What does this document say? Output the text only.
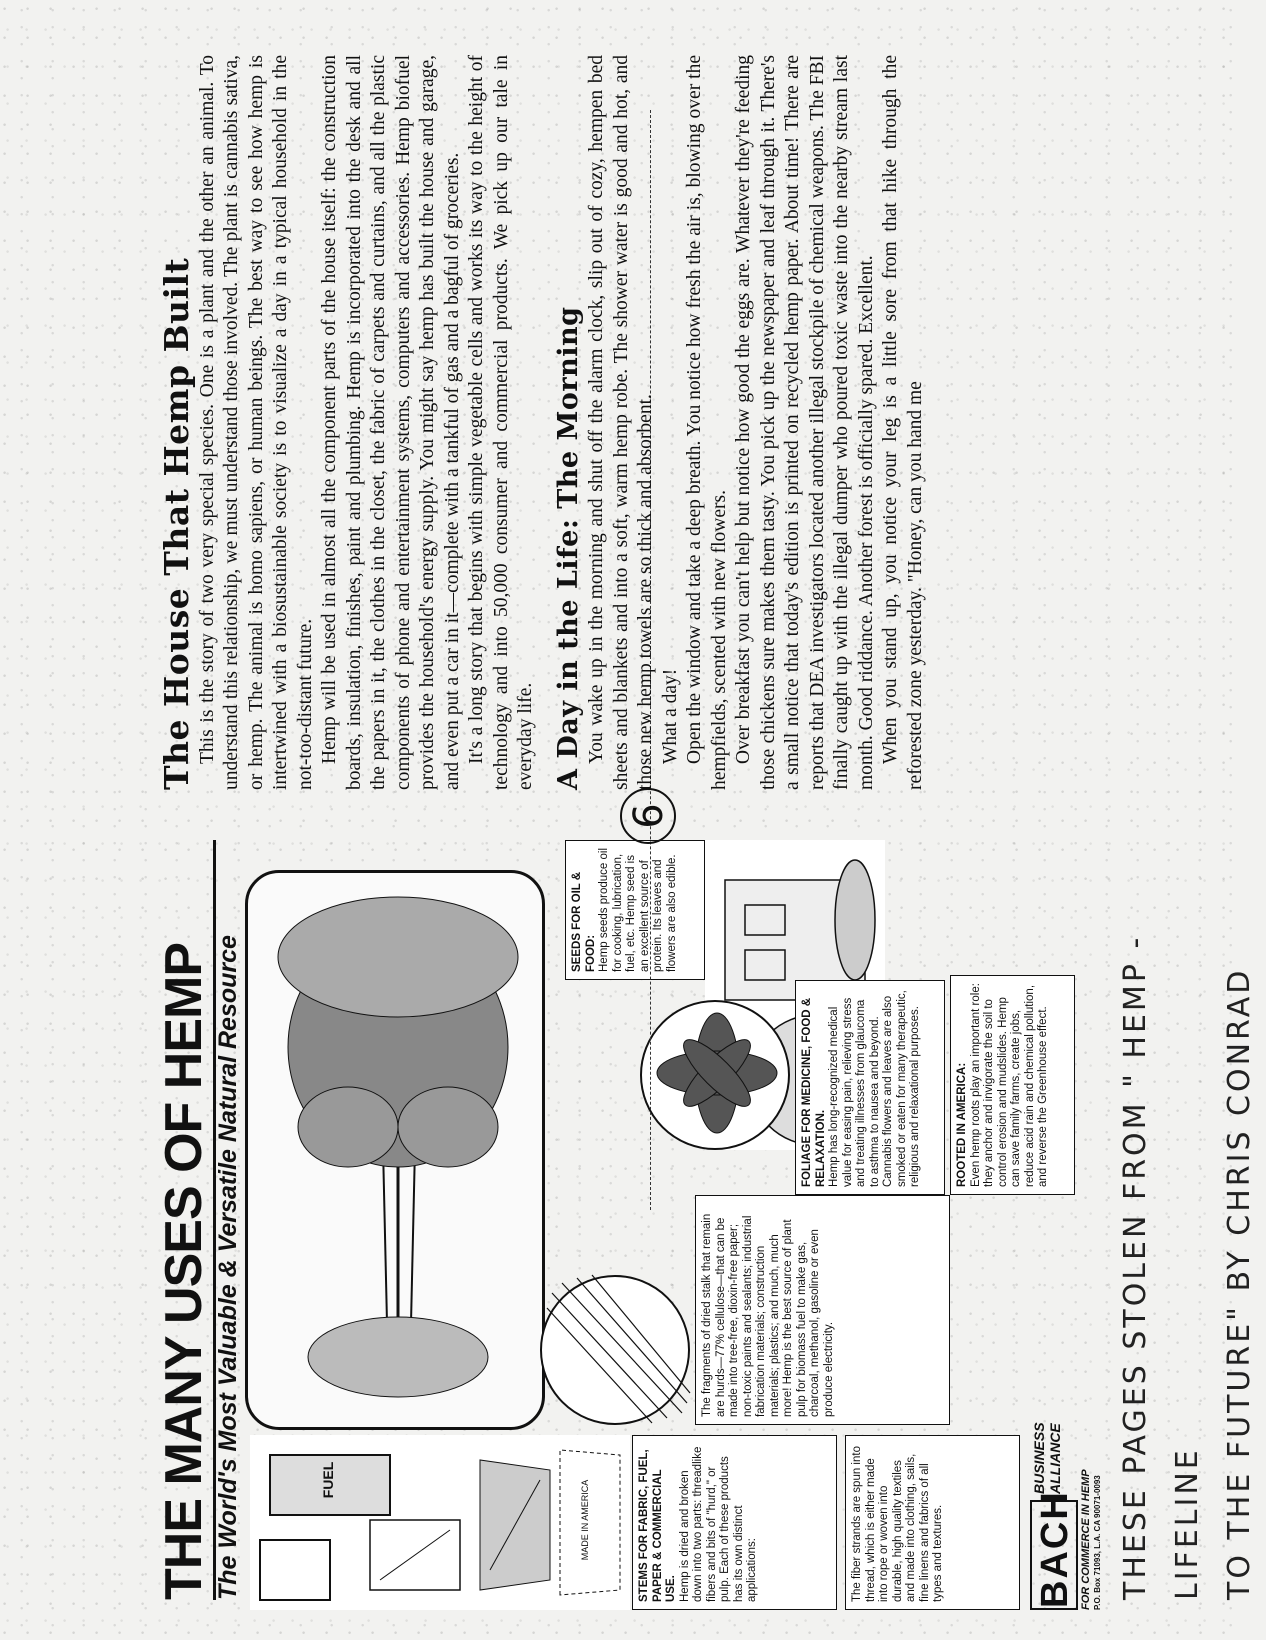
THE MANY USES OF HEMP The World's Most Valuable & Versatile Natural Resource	FUEL	MADE IN AMERICA	STEMS FOR FABRIC, FUEL, PAPER & COMMERCIAL USE. Hemp is dried and broken down into two parts: threadlike fibers and bits of "hurd," or pulp. Each of these products has its own distinct applications:	The fiber strands are spun into thread, which is either made into rope or woven into durable, high quality textiles and made into clothing, sails, fine linens and fabrics of all types and textures.	BACH
BUSINESS ALLIANCE
FOR COMMERCE IN HEMP P.O. Box 71093, L.A. CA 90071-0093
The fragments of dried stalk that remain are hurds—77% cellulose—that can be made into tree-free, dioxin-free paper; non-toxic paints and sealants; industrial fabrication materials; construction materials; plastics; and much, much more! Hemp is the best source of plant pulp for biomass fuel to make gas, charcoal, methanol, gasoline or even produce electricity.
SEEDS FOR OIL & FOOD: Hemp seeds produce oil for cooking, lubrication, fuel, etc. Hemp seed is an excellent source of protein. Its leaves and flowers are also edible.
FOLIAGE FOR MEDICINE, FOOD & RELAXATION. Hemp has long-recognized medical value for easing pain, relieving stress and treating illnesses from glaucoma to asthma to nausea and beyond. Cannabis flowers and leaves are also smoked or eaten for many therapeutic, religious and relaxational purposes.	ROOTED IN AMERICA: Even hemp roots play an important role: they anchor and invigorate the soil to control erosion and mudslides. Hemp can save family farms, create jobs, reduce acid rain and chemical pollution, and reverse the Greenhouse effect.
6
The House That Hemp Built This is the story of two very special species. One is a plant and the other an animal. To understand this relationship, we must understand those involved. The plant is cannabis sativa, or hemp. The animal is homo sapiens, or human beings. The best way to see how hemp is intertwined with a biosustainable society is to visualize a day in a typical household in the not-too-distant future. Hemp will be used in almost all the component parts of the house itself: the construction boards, insulation, finishes, paint and plumbing. Hemp is incorporated into the desk and all the papers in it, the clothes in the closet, the fabric of carpets and curtains, and all the plastic components of phone and entertainment systems, computers and accessories. Hemp biofuel provides the household's energy supply. You might say hemp has built the house and garage, and even put a car in it—complete with a tankful of gas and a bagful of groceries. It's a long story that begins with simple vegetable cells and works its way to the height of technology and into 50,000 consumer and commercial products. We pick up our tale in everyday life. A Day in the Life: The Morning You wake up in the morning and shut off the alarm clock, slip out of cozy, hempen bed sheets and blankets and into a soft, warm hemp robe. The shower water is good and hot, and those new hemp towels are so thick and absorbent. What a day! Open the window and take a deep breath. You notice how fresh the air is, blowing over the hempfields, scented with new flowers. Over breakfast you can't help but notice how good the eggs are. Whatever they're feeding those chickens sure makes them tasty. You pick up the newspaper and leaf through it. There's a small notice that today's edition is printed on recycled hemp paper. About time! There are reports that DEA investigators located another illegal stockpile of chemical weapons. The FBI finally caught up with the illegal dumper who poured toxic waste into the nearby stream last month. Good riddance. Another forest is officially spared. Excellent. When you stand up, you notice your leg is a little sore from that hike through the reforested zone yesterday. "Honey, can you hand me

THESE PAGES STOLEN FROM " HEMP - LIFELINE TO THE FUTURE" BY CHRIS CONRAD
